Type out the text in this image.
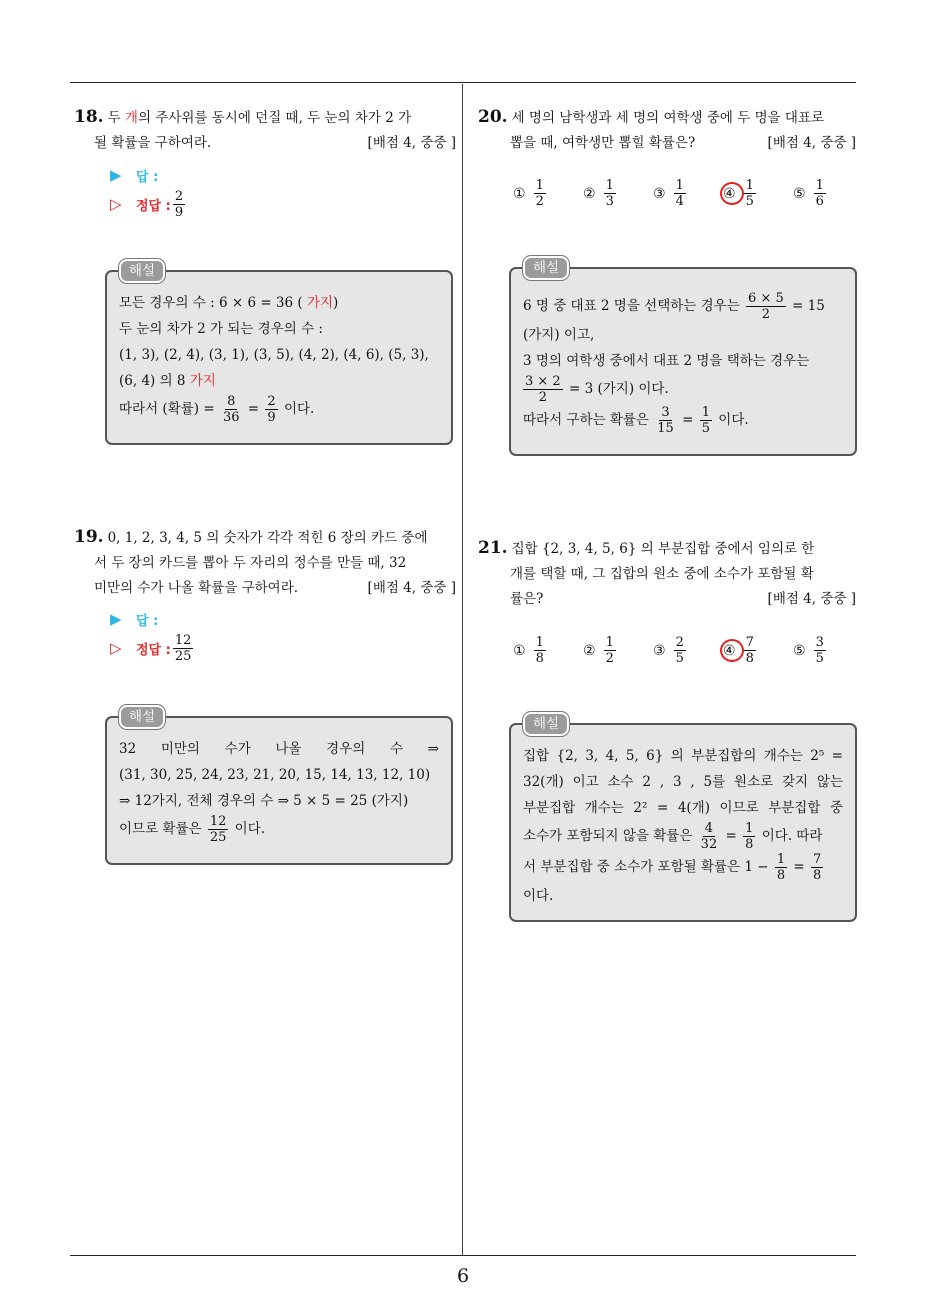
6
18. 두 개의 주사위를 동시에 던질 때, 두 눈의 차가 2 가
될 확률을 구하여라.	[배점 4, 중중 ]
▶	답 :
▷	정답 : $\frac{2}{9}$
해설
모든 경우의 수 : 6 × 6 = 36 ( 가지)
두 눈의 차가 2 가 되는 경우의 수 :
(1, 3), (2, 4), (3, 1), (3, 5), (4, 2), (4, 6), (5, 3),
(6, 4) 의 8 가지
따라서 (확률) = $\frac{8}{36} = \frac{2}{9}$ 이다.
19. 0, 1, 2, 3, 4, 5 의 숫자가 각각 적힌 6 장의 카드 중에
서 두 장의 카드를 뽑아 두 자리의 정수를 만들 때, 32
미만의 수가 나올 확률을 구하여라.	[배점 4, 중중 ]
▶	답 :
▷	정답 : $\frac{12}{25}$
해설
32 미만의 수가 나올 경우의 수 ⇒
(31, 30, 25, 24, 23, 21, 20, 15, 14, 13, 12, 10)
⇒ 12가지, 전체 경우의 수 ⇒ 5 × 5 = 25 (가지)
이므로 확률은 $\frac{12}{25}$ 이다.
20. 세 명의 남학생과 세 명의 여학생 중에 두 명을 대표로
뽑을 때, 여학생만 뽑힐 확률은?	[배점 4, 중중 ]
① $\frac{1}{2}$	② $\frac{1}{3}$	③ $\frac{1}{4}$	④ $\frac{1}{5}$	⑤ $\frac{1}{6}$
해설
6 명 중 대표 2 명을 선택하는 경우는 $\frac{6 \times 5}{2} = 15$
(가지) 이고,
3 명의 여학생 중에서 대표 2 명을 택하는 경우는
$\frac{3 \times 2}{2} = 3$ (가지) 이다.
따라서 구하는 확률은 $\frac{3}{15} = \frac{1}{5}$ 이다.
21. 집합 {2, 3, 4, 5, 6} 의 부분집합 중에서 임의로 한
개를 택할 때, 그 집합의 원소 중에 소수가 포함될 확
률은?	[배점 4, 중중 ]
① $\frac{1}{8}$	② $\frac{1}{2}$	③ $\frac{2}{5}$	④ $\frac{7}{8}$	⑤ $\frac{3}{5}$
해설
집합 {2, 3, 4, 5, 6} 의 부분집합의 개수는 2⁵ =
32(개) 이고 소수 2 , 3 , 5를 원소로 갖지 않는
부분집합 개수는 2² = 4(개) 이므로 부분집합 중
소수가 포함되지 않을 확률은 $\frac{4}{32} = \frac{1}{8}$ 이다. 따라
서 부분집합 중 소수가 포함될 확률은 $1 - \frac{1}{8} = \frac{7}{8}$
이다.
